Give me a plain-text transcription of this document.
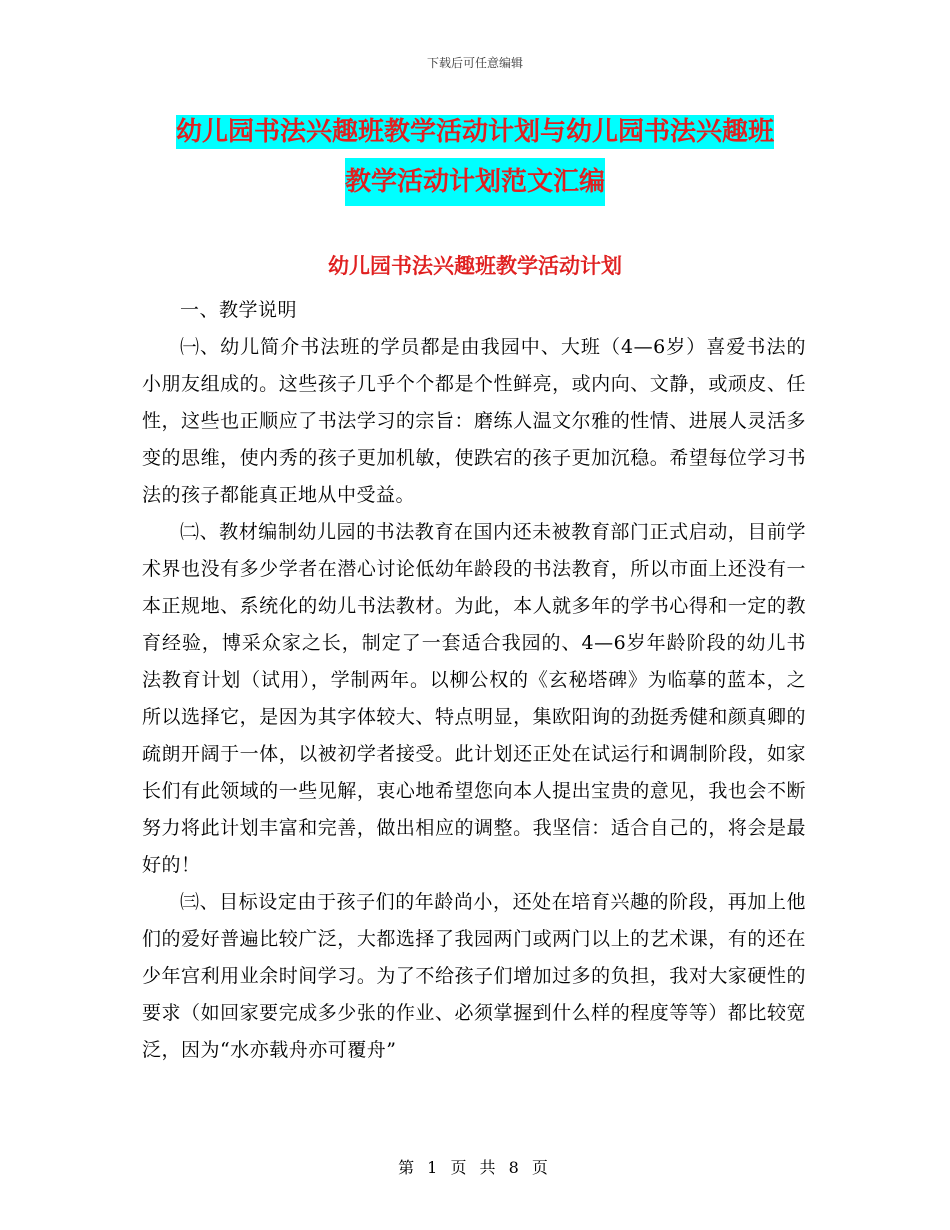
下载后可任意编辑
幼儿园书法兴趣班教学活动计划与幼儿园书法兴趣班
教学活动计划范文汇编
幼儿园书法兴趣班教学活动计划

一、教学说明

㈠、幼儿简介书法班的学员都是由我园中、大班（4—6岁）喜爱书法的小朋友组成的。这些孩子几乎个个都是个性鲜亮，或内向、文静，或顽皮、任性，这些也正顺应了书法学习的宗旨：磨练人温文尔雅的性情、进展人灵活多变的思维，使内秀的孩子更加机敏，使跌宕的孩子更加沉稳。希望每位学习书法的孩子都能真正地从中受益。

㈡、教材编制幼儿园的书法教育在国内还未被教育部门正式启动，目前学术界也没有多少学者在潜心讨论低幼年龄段的书法教育，所以市面上还没有一本正规地、系统化的幼儿书法教材。为此，本人就多年的学书心得和一定的教育经验，博采众家之长，制定了一套适合我园的、4—6岁年龄阶段的幼儿书法教育计划（试用），学制两年。以柳公权的《玄秘塔碑》为临摹的蓝本，之所以选择它，是因为其字体较大、特点明显，集欧阳询的劲挺秀健和颜真卿的疏朗开阔于一体，以被初学者接受。此计划还正处在试运行和调制阶段，如家长们有此领域的一些见解，衷心地希望您向本人提出宝贵的意见，我也会不断努力将此计划丰富和完善，做出相应的调整。我坚信：适合自己的，将会是最好的！

㈢、目标设定由于孩子们的年龄尚小，还处在培育兴趣的阶段，再加上他们的爱好普遍比较广泛，大都选择了我园两门或两门以上的艺术课，有的还在少年宫利用业余时间学习。为了不给孩子们增加过多的负担，我对大家硬性的要求（如回家要完成多少张的作业、必须掌握到什么样的程度等等）都比较宽泛，因为“水亦载舟亦可覆舟”

第 1 页 共 8 页
